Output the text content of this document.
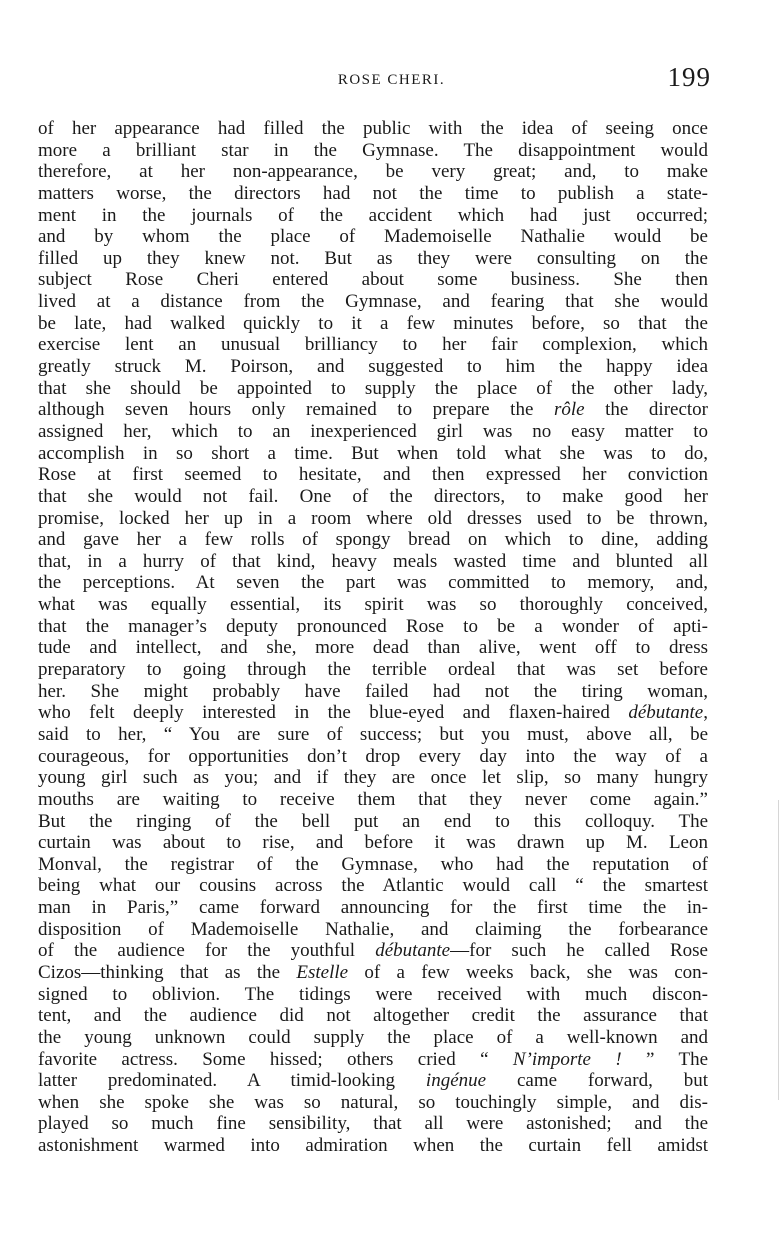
ROSE CHERI.	199
of her appearance had filled the public with the idea of seeing once
more a brilliant star in the Gymnase. The disappointment would
therefore, at her non-appearance, be very great; and, to make
matters worse, the directors had not the time to publish a state-
ment in the journals of the accident which had just occurred;
and by whom the place of Mademoiselle Nathalie would be
filled up they knew not. But as they were consulting on the
subject Rose Cheri entered about some business. She then
lived at a distance from the Gymnase, and fearing that she would
be late, had walked quickly to it a few minutes before, so that the
exercise lent an unusual brilliancy to her fair complexion, which
greatly struck M. Poirson, and suggested to him the happy idea
that she should be appointed to supply the place of the other lady,
although seven hours only remained to prepare the rôle the director
assigned her, which to an inexperienced girl was no easy matter to
accomplish in so short a time. But when told what she was to do,
Rose at first seemed to hesitate, and then expressed her conviction
that she would not fail. One of the directors, to make good her
promise, locked her up in a room where old dresses used to be thrown,
and gave her a few rolls of spongy bread on which to dine, adding
that, in a hurry of that kind, heavy meals wasted time and blunted all
the perceptions. At seven the part was committed to memory, and,
what was equally essential, its spirit was so thoroughly conceived,
that the manager’s deputy pronounced Rose to be a wonder of apti-
tude and intellect, and she, more dead than alive, went off to dress
preparatory to going through the terrible ordeal that was set before
her. She might probably have failed had not the tiring woman,
who felt deeply interested in the blue-eyed and flaxen-haired débutante,
said to her, “ You are sure of success; but you must, above all, be
courageous, for opportunities don’t drop every day into the way of a
young girl such as you; and if they are once let slip, so many hungry
mouths are waiting to receive them that they never come again.”
But the ringing of the bell put an end to this colloquy. The
curtain was about to rise, and before it was drawn up M. Leon
Monval, the registrar of the Gymnase, who had the reputation of
being what our cousins across the Atlantic would call “ the smartest
man in Paris,” came forward announcing for the first time the in-
disposition of Mademoiselle Nathalie, and claiming the forbearance
of the audience for the youthful débutante—for such he called Rose
Cizos—thinking that as the Estelle of a few weeks back, she was con-
signed to oblivion. The tidings were received with much discon-
tent, and the audience did not altogether credit the assurance that
the young unknown could supply the place of a well-known and
favorite actress. Some hissed; others cried “ N’importe ! ” The
latter predominated. A timid-looking ingénue came forward, but
when she spoke she was so natural, so touchingly simple, and dis-
played so much fine sensibility, that all were astonished; and the
astonishment warmed into admiration when the curtain fell amidst
